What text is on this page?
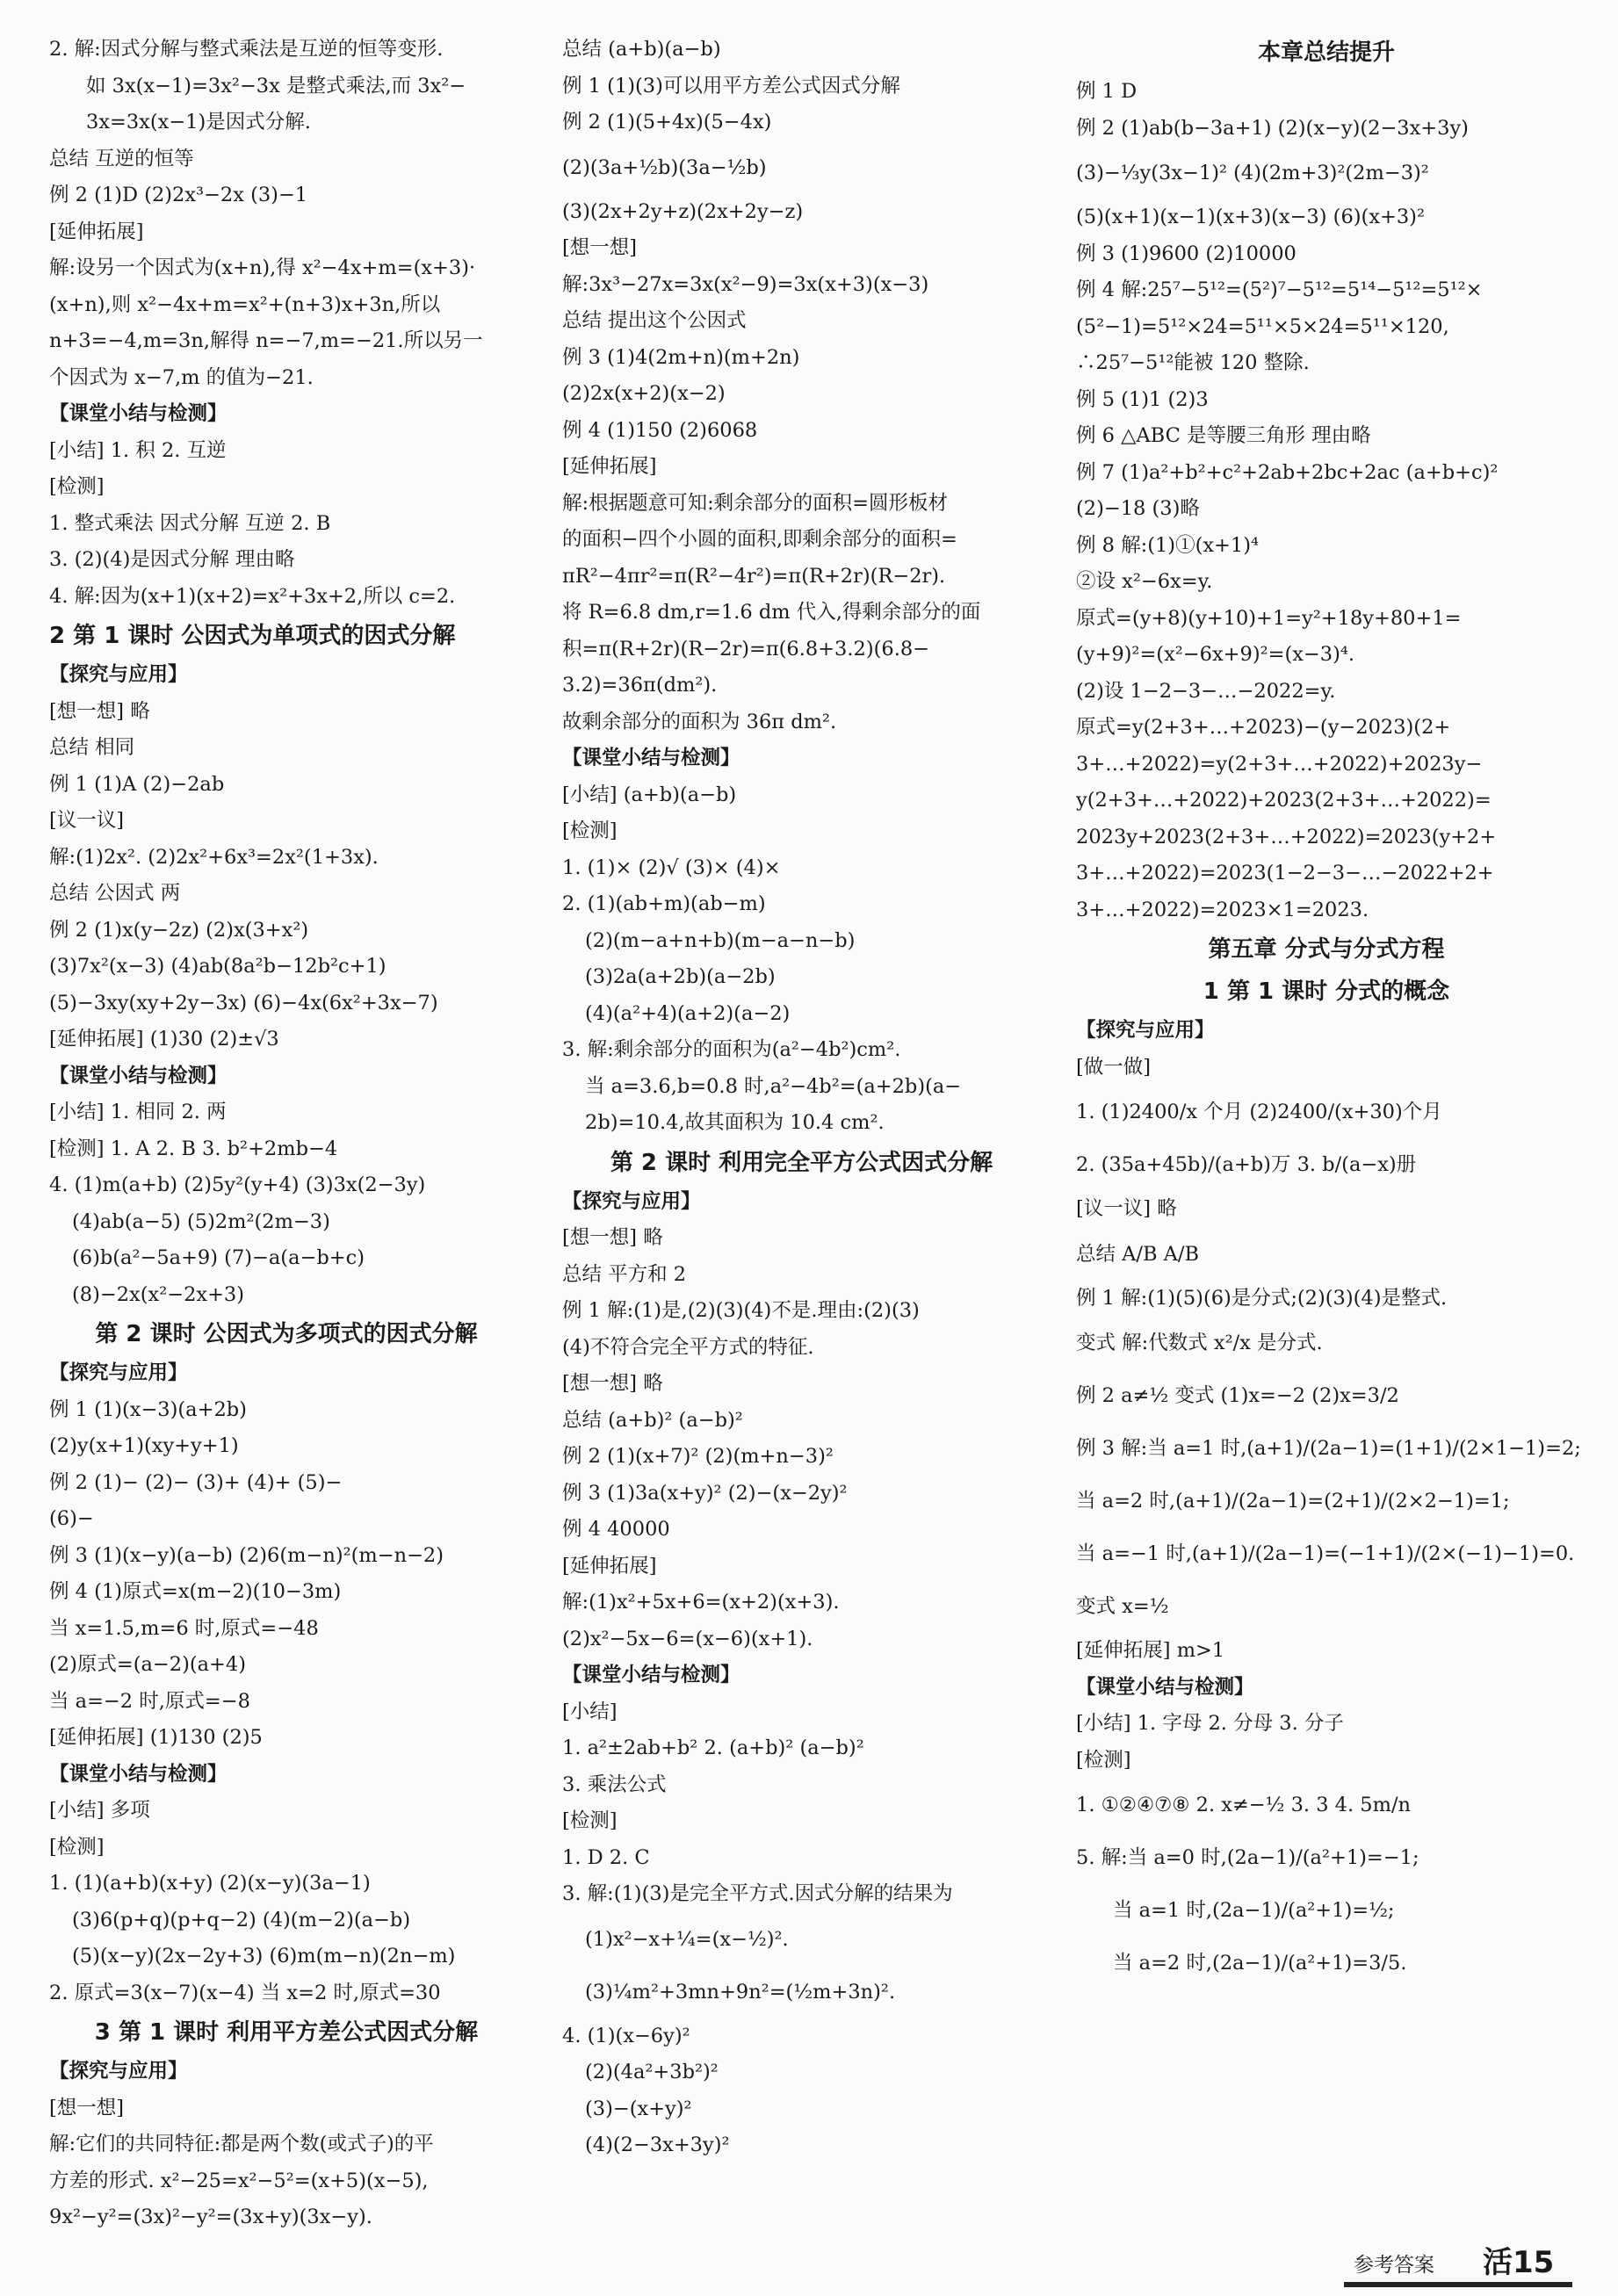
2. 解:因式分解与整式乘法是互逆的恒等变形.
如 3x(x−1)=3x²−3x 是整式乘法,而 3x²−
3x=3x(x−1)是因式分解.
总结 互逆的恒等
例 2 (1)D (2)2x³−2x (3)−1
[延伸拓展]
解:设另一个因式为(x+n),得 x²−4x+m=(x+3)·
(x+n),则 x²−4x+m=x²+(n+3)x+3n,所以
n+3=−4,m=3n,解得 n=−7,m=−21.所以另一
个因式为 x−7,m 的值为−21.
【课堂小结与检测】
[小结] 1. 积 2. 互逆
[检测]
1. 整式乘法 因式分解 互逆 2. B
3. (2)(4)是因式分解 理由略
4. 解:因为(x+1)(x+2)=x²+3x+2,所以 c=2.
2 第 1 课时 公因式为单项式的因式分解
【探究与应用】
[想一想] 略
总结 相同
例 1 (1)A (2)−2ab
[议一议]
解:(1)2x². (2)2x²+6x³=2x²(1+3x).
总结 公因式 两
例 2 (1)x(y−2z) (2)x(3+x²)
(3)7x²(x−3) (4)ab(8a²b−12b²c+1)
(5)−3xy(xy+2y−3x) (6)−4x(6x²+3x−7)
[延伸拓展] (1)30 (2)±√3
【课堂小结与检测】
[小结] 1. 相同 2. 两
[检测] 1. A 2. B 3. b²+2mb−4
4. (1)m(a+b) (2)5y²(y+4) (3)3x(2−3y)
(4)ab(a−5) (5)2m²(2m−3)
(6)b(a²−5a+9) (7)−a(a−b+c)
(8)−2x(x²−2x+3)
第 2 课时 公因式为多项式的因式分解
【探究与应用】
例 1 (1)(x−3)(a+2b)
(2)y(x+1)(xy+y+1)
例 2 (1)− (2)− (3)+ (4)+ (5)−
(6)−
例 3 (1)(x−y)(a−b) (2)6(m−n)²(m−n−2)
例 4 (1)原式=x(m−2)(10−3m)
当 x=1.5,m=6 时,原式=−48
(2)原式=(a−2)(a+4)
当 a=−2 时,原式=−8
[延伸拓展] (1)130 (2)5
【课堂小结与检测】
[小结] 多项
[检测]
1. (1)(a+b)(x+y) (2)(x−y)(3a−1)
(3)6(p+q)(p+q−2) (4)(m−2)(a−b)
(5)(x−y)(2x−2y+3) (6)m(m−n)(2n−m)
2. 原式=3(x−7)(x−4) 当 x=2 时,原式=30
3 第 1 课时 利用平方差公式因式分解
【探究与应用】
[想一想]
解:它们的共同特征:都是两个数(或式子)的平
方差的形式. x²−25=x²−5²=(x+5)(x−5),
9x²−y²=(3x)²−y²=(3x+y)(3x−y).
总结 (a+b)(a−b)
例 1 (1)(3)可以用平方差公式因式分解
例 2 (1)(5+4x)(5−4x)
(2)(3a+½b)(3a−½b)
(3)(2x+2y+z)(2x+2y−z)
[想一想]
解:3x³−27x=3x(x²−9)=3x(x+3)(x−3)
总结 提出这个公因式
例 3 (1)4(2m+n)(m+2n)
(2)2x(x+2)(x−2)
例 4 (1)150 (2)6068
[延伸拓展]
解:根据题意可知:剩余部分的面积=圆形板材
的面积−四个小圆的面积,即剩余部分的面积=
πR²−4πr²=π(R²−4r²)=π(R+2r)(R−2r).
将 R=6.8 dm,r=1.6 dm 代入,得剩余部分的面
积=π(R+2r)(R−2r)=π(6.8+3.2)(6.8−
3.2)=36π(dm²).
故剩余部分的面积为 36π dm².
【课堂小结与检测】
[小结] (a+b)(a−b)
[检测]
1. (1)× (2)√ (3)× (4)×
2. (1)(ab+m)(ab−m)
(2)(m−a+n+b)(m−a−n−b)
(3)2a(a+2b)(a−2b)
(4)(a²+4)(a+2)(a−2)
3. 解:剩余部分的面积为(a²−4b²)cm².
当 a=3.6,b=0.8 时,a²−4b²=(a+2b)(a−
2b)=10.4,故其面积为 10.4 cm².
第 2 课时 利用完全平方公式因式分解
【探究与应用】
[想一想] 略
总结 平方和 2
例 1 解:(1)是,(2)(3)(4)不是.理由:(2)(3)
(4)不符合完全平方式的特征.
[想一想] 略
总结 (a+b)² (a−b)²
例 2 (1)(x+7)² (2)(m+n−3)²
例 3 (1)3a(x+y)² (2)−(x−2y)²
例 4 40000
[延伸拓展]
解:(1)x²+5x+6=(x+2)(x+3).
(2)x²−5x−6=(x−6)(x+1).
【课堂小结与检测】
[小结]
1. a²±2ab+b² 2. (a+b)² (a−b)²
3. 乘法公式
[检测]
1. D 2. C
3. 解:(1)(3)是完全平方式.因式分解的结果为
(1)x²−x+¼=(x−½)².
(3)¼m²+3mn+9n²=(½m+3n)².
4. (1)(x−6y)²
(2)(4a²+3b²)²
(3)−(x+y)²
(4)(2−3x+3y)²
本章总结提升
例 1 D
例 2 (1)ab(b−3a+1) (2)(x−y)(2−3x+3y)
(3)−⅓y(3x−1)² (4)(2m+3)²(2m−3)²
(5)(x+1)(x−1)(x+3)(x−3) (6)(x+3)²
例 3 (1)9600 (2)10000
例 4 解:25⁷−5¹²=(5²)⁷−5¹²=5¹⁴−5¹²=5¹²×
(5²−1)=5¹²×24=5¹¹×5×24=5¹¹×120,
∴25⁷−5¹²能被 120 整除.
例 5 (1)1 (2)3
例 6 △ABC 是等腰三角形 理由略
例 7 (1)a²+b²+c²+2ab+2bc+2ac (a+b+c)²
(2)−18 (3)略
例 8 解:(1)①(x+1)⁴
②设 x²−6x=y.
原式=(y+8)(y+10)+1=y²+18y+80+1=
(y+9)²=(x²−6x+9)²=(x−3)⁴.
(2)设 1−2−3−…−2022=y.
原式=y(2+3+…+2023)−(y−2023)(2+
3+…+2022)=y(2+3+…+2022)+2023y−
y(2+3+…+2022)+2023(2+3+…+2022)=
2023y+2023(2+3+…+2022)=2023(y+2+
3+…+2022)=2023(1−2−3−…−2022+2+
3+…+2022)=2023×1=2023.
第五章 分式与分式方程
1 第 1 课时 分式的概念
【探究与应用】
[做一做]
1. (1)2400/x 个月 (2)2400/(x+30)个月
2. (35a+45b)/(a+b)万 3. b/(a−x)册
[议一议] 略
总结 A/B A/B
例 1 解:(1)(5)(6)是分式;(2)(3)(4)是整式.
变式 解:代数式 x²/x 是分式.
例 2 a≠½ 变式 (1)x=−2 (2)x=3/2
例 3 解:当 a=1 时,(a+1)/(2a−1)=(1+1)/(2×1−1)=2;
当 a=2 时,(a+1)/(2a−1)=(2+1)/(2×2−1)=1;
当 a=−1 时,(a+1)/(2a−1)=(−1+1)/(2×(−1)−1)=0.
变式 x=½
[延伸拓展] m>1
【课堂小结与检测】
[小结] 1. 字母 2. 分母 3. 分子
[检测]
1. ①②④⑦⑧ 2. x≠−½ 3. 3 4. 5m/n
5. 解:当 a=0 时,(2a−1)/(a²+1)=−1;
当 a=1 时,(2a−1)/(a²+1)=½;
当 a=2 时,(2a−1)/(a²+1)=3/5.
参考答案 活15
